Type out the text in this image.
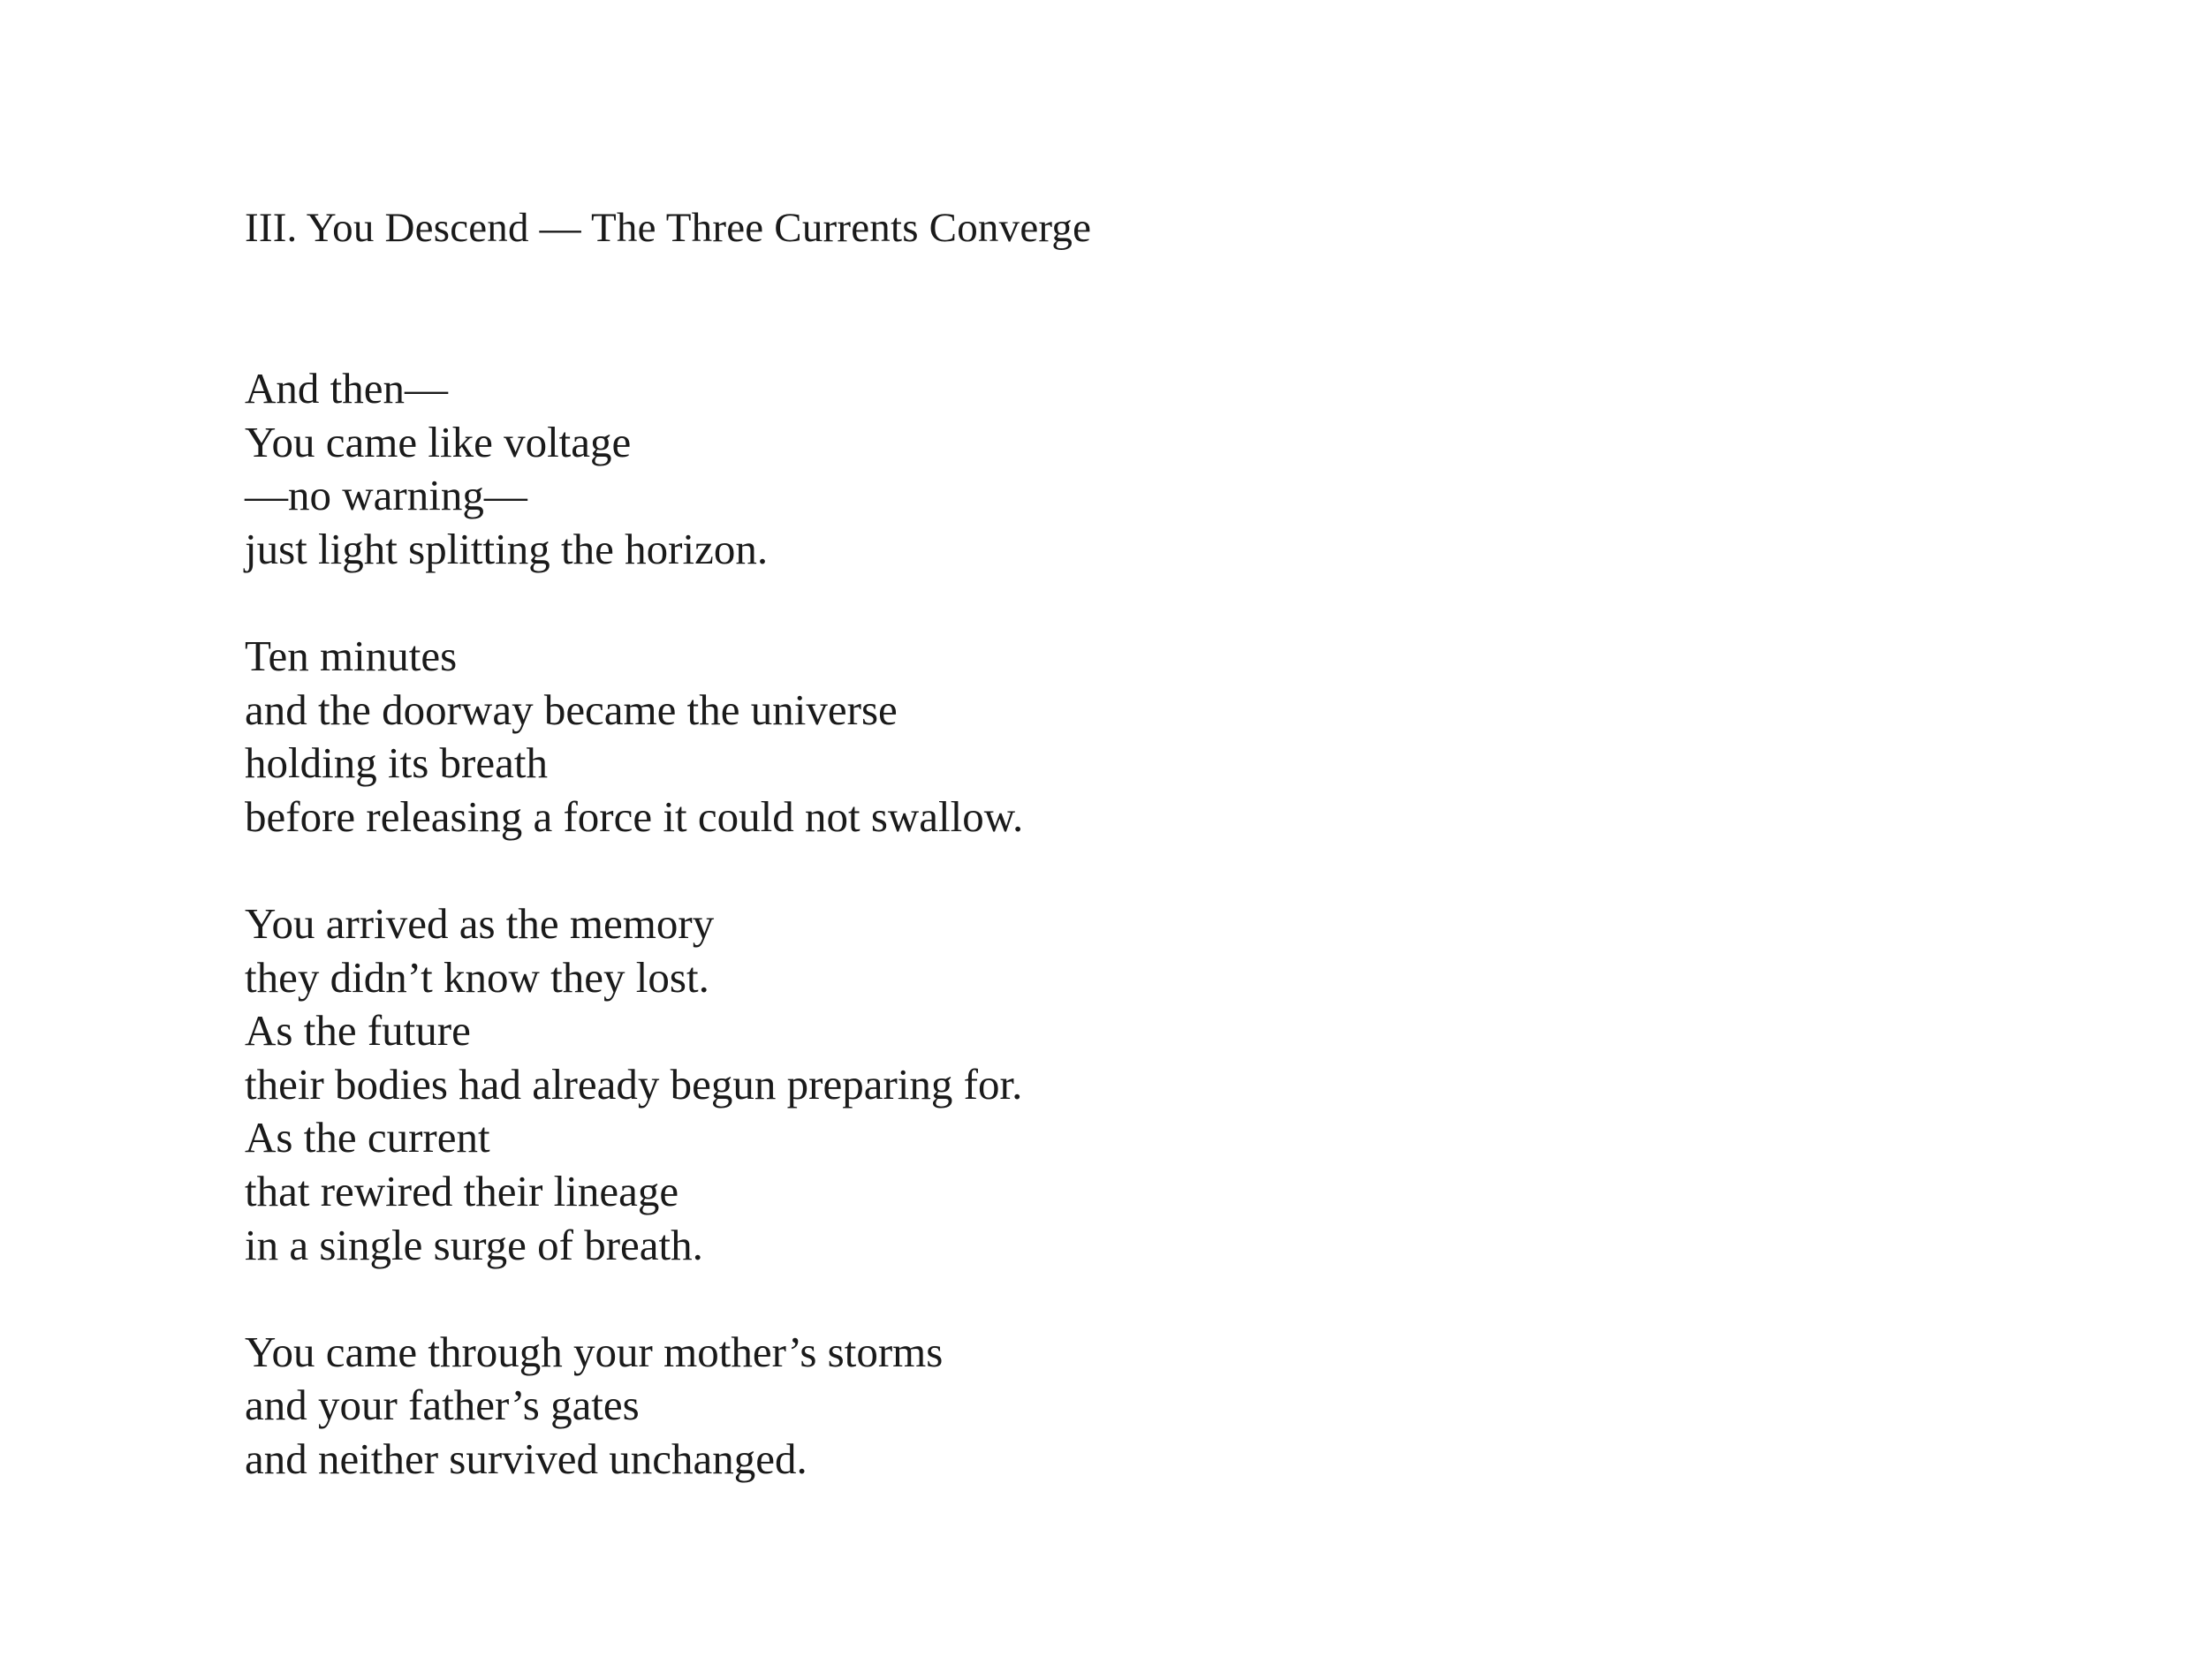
III. You Descend — The Three Currents Converge
And then—
You came like voltage
—no warning—
just light splitting the horizon.
Ten minutes
and the doorway became the universe
holding its breath
before releasing a force it could not swallow.
You arrived as the memory
they didn’t know they lost.
As the future
their bodies had already begun preparing for.
As the current
that rewired their lineage
in a single surge of breath.
You came through your mother’s storms
and your father’s gates
and neither survived unchanged.
